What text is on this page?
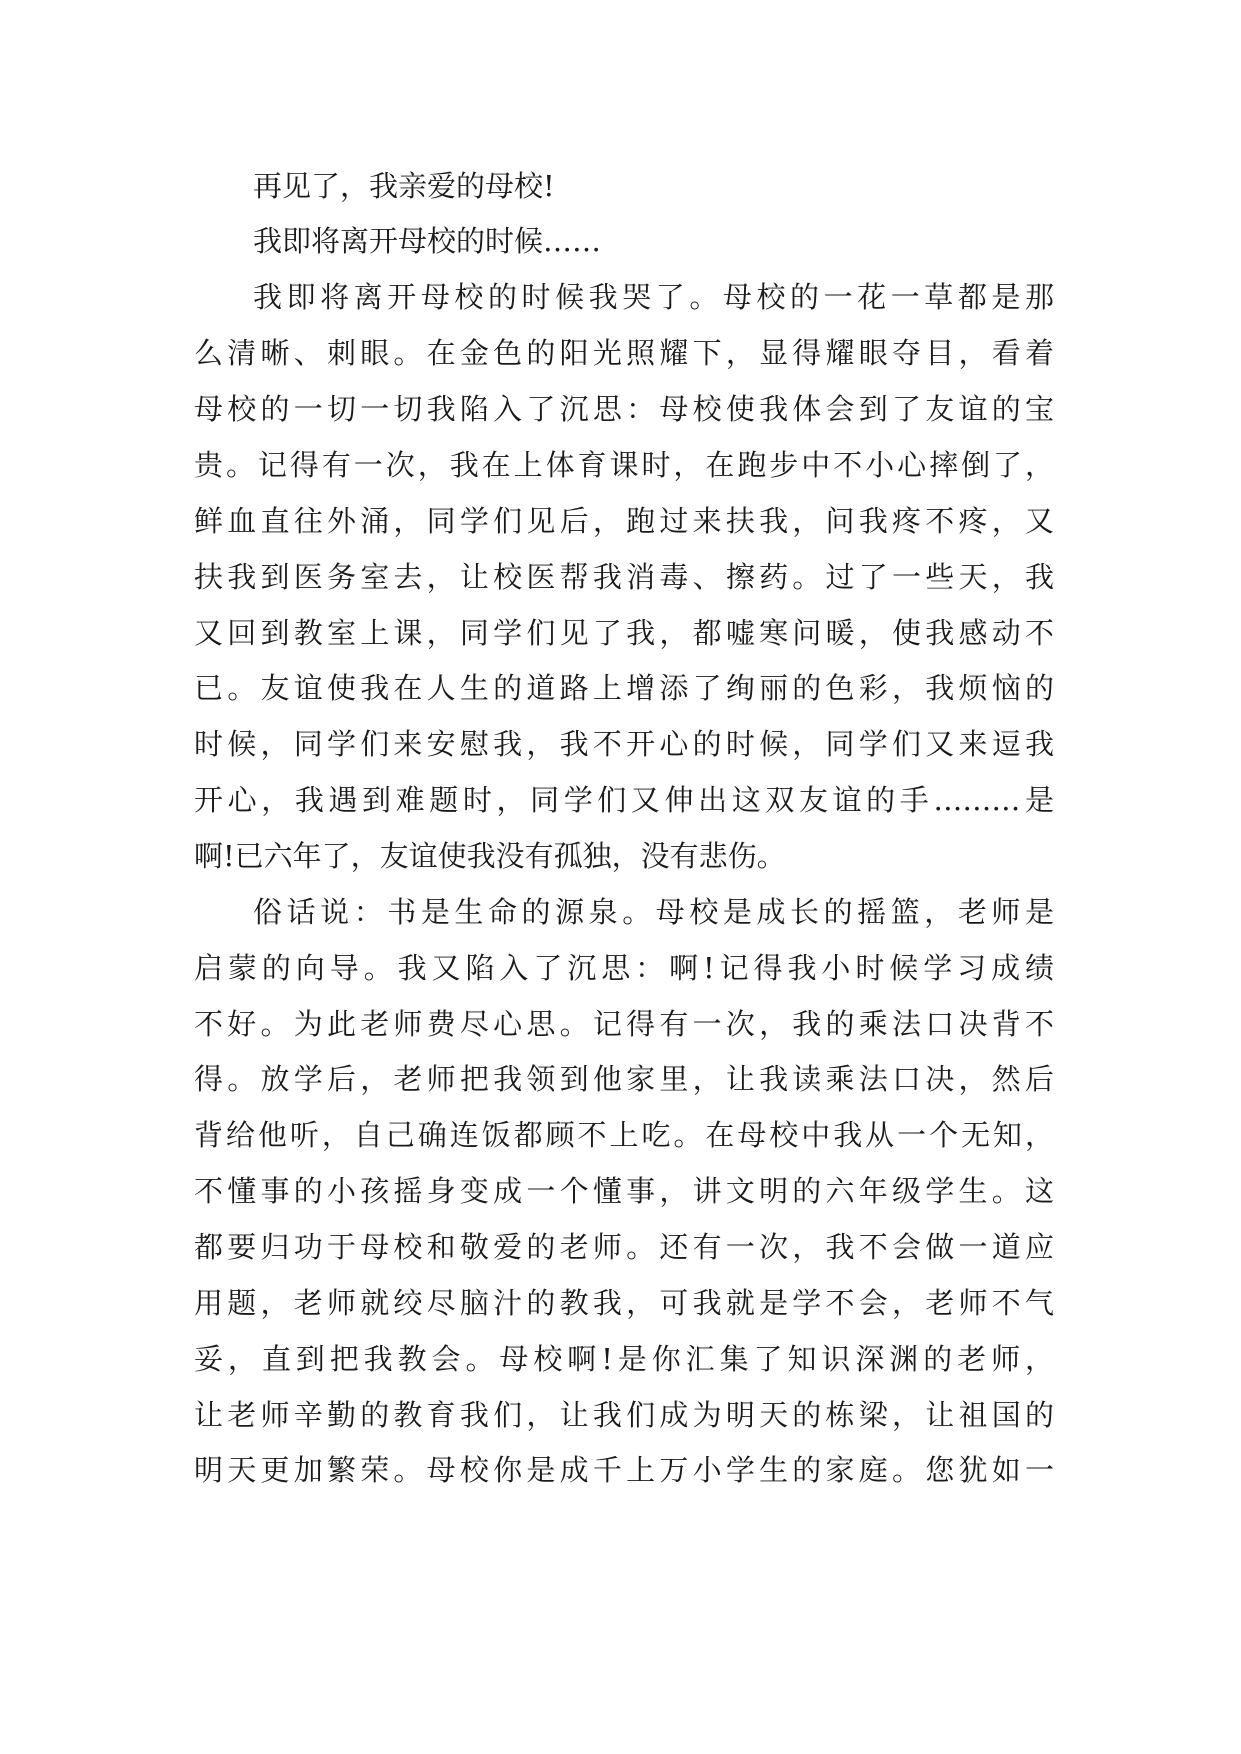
再见了，我亲爱的母校!
我即将离开母校的时候……
我即将离开母校的时候我哭了。母校的一花一草都是那
么清晰、刺眼。在金色的阳光照耀下，显得耀眼夺目，看着
母校的一切一切我陷入了沉思：母校使我体会到了友谊的宝
贵。记得有一次，我在上体育课时，在跑步中不小心摔倒了，
鲜血直往外涌，同学们见后，跑过来扶我，问我疼不疼，又
扶我到医务室去，让校医帮我消毒、擦药。过了一些天，我
又回到教室上课，同学们见了我，都嘘寒问暖，使我感动不
已。友谊使我在人生的道路上增添了绚丽的色彩，我烦恼的
时候，同学们来安慰我，我不开心的时候，同学们又来逗我
开心，我遇到难题时，同学们又伸出这双友谊的手………是
啊!已六年了，友谊使我没有孤独，没有悲伤。
俗话说：书是生命的源泉。母校是成长的摇篮，老师是
启蒙的向导。我又陷入了沉思：啊!记得我小时候学习成绩
不好。为此老师费尽心思。记得有一次，我的乘法口决背不
得。放学后，老师把我领到他家里，让我读乘法口决，然后
背给他听，自己确连饭都顾不上吃。在母校中我从一个无知，
不懂事的小孩摇身变成一个懂事，讲文明的六年级学生。这
都要归功于母校和敬爱的老师。还有一次，我不会做一道应
用题，老师就绞尽脑汁的教我，可我就是学不会，老师不气
妥，直到把我教会。母校啊!是你汇集了知识深渊的老师，
让老师辛勤的教育我们，让我们成为明天的栋梁，让祖国的
明天更加繁荣。母校你是成千上万小学生的家庭。您犹如一
